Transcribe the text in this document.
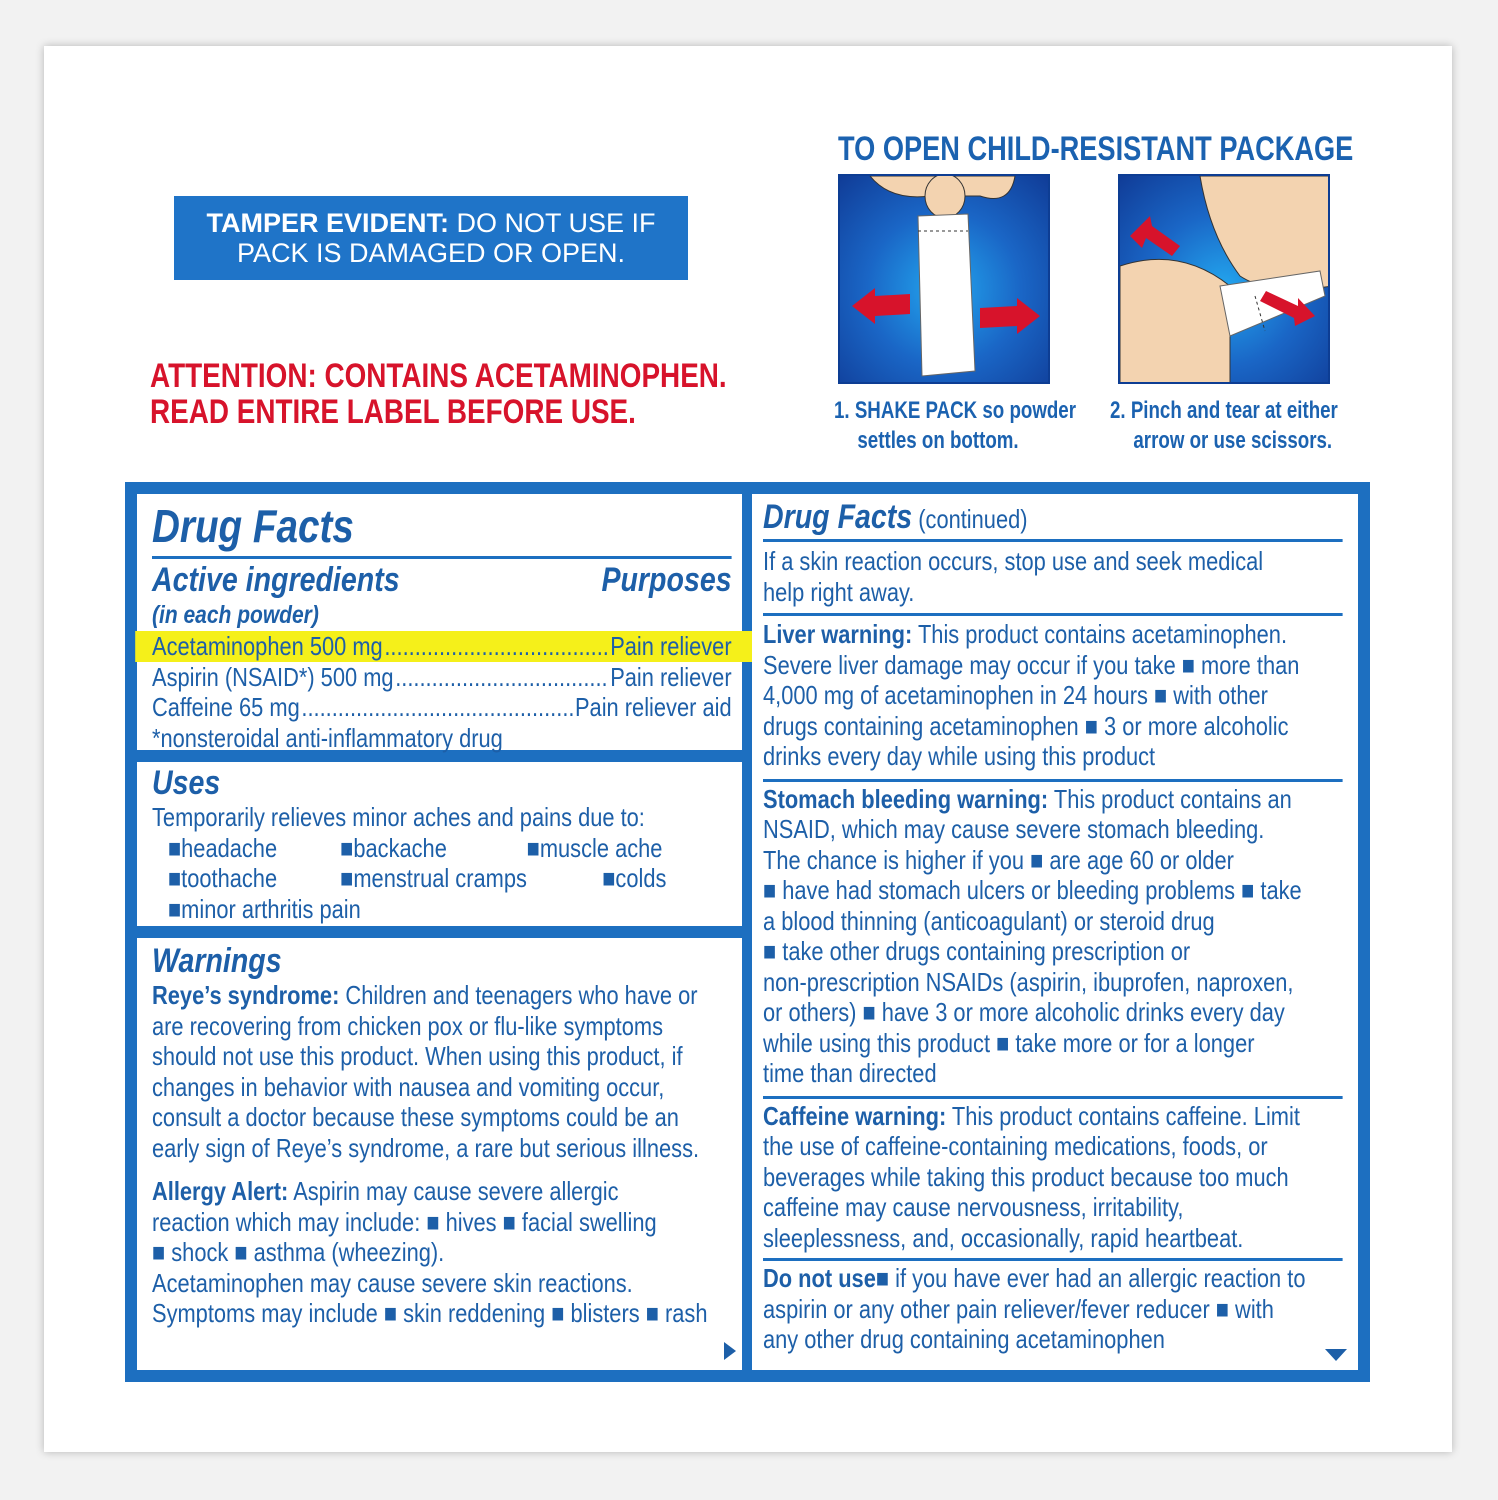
TAMPER EVIDENT: DO NOT USE IF
PACK IS DAMAGED OR OPEN.
ATTENTION: CONTAINS ACETAMINOPHEN.
READ ENTIRE LABEL BEFORE USE.
TO OPEN CHILD-RESISTANT PACKAGE
1. SHAKE PACK so powder
settles on bottom.
2. Pinch and tear at either
arrow or use scissors.
Drug Facts
Active ingredients	Purposes
(in each powder)
Acetaminophen 500 mg .....	Pain reliever
Aspirin (NSAID*) 500 mg .....	Pain reliever
Caffeine 65 mg .....	Pain reliever aid
*nonsteroidal anti-inflammatory drug
Uses
Temporarily relieves minor aches and pains due to:
■headache ■backache	■muscle ache
■toothache ■menstrual cramps	■colds
■minor arthritis pain
Warnings
Reye’s syndrome: Children and teenagers who have or
are recovering from chicken pox or flu-like symptoms
should not use this product. When using this product, if
changes in behavior with nausea and vomiting occur,
consult a doctor because these symptoms could be an
early sign of Reye’s syndrome, a rare but serious illness.
Allergy Alert: Aspirin may cause severe allergic
reaction which may include: ■ hives ■ facial swelling
■ shock ■ asthma (wheezing).
Acetaminophen may cause severe skin reactions.
Symptoms may include ■ skin reddening ■ blisters ■ rash
Drug Facts (continued)
If a skin reaction occurs, stop use and seek medical
help right away.
Liver warning: This product contains acetaminophen.
Severe liver damage may occur if you take ■ more than
4,000 mg of acetaminophen in 24 hours ■ with other
drugs containing acetaminophen ■ 3 or more alcoholic
drinks every day while using this product
Stomach bleeding warning: This product contains an
NSAID, which may cause severe stomach bleeding.
The chance is higher if you ■ are age 60 or older
■ have had stomach ulcers or bleeding problems ■ take
a blood thinning (anticoagulant) or steroid drug
■ take other drugs containing prescription or
non-prescription NSAIDs (aspirin, ibuprofen, naproxen,
or others) ■ have 3 or more alcoholic drinks every day
while using this product ■ take more or for a longer
time than directed
Caffeine warning: This product contains caffeine. Limit
the use of caffeine-containing medications, foods, or
beverages while taking this product because too much
caffeine may cause nervousness, irritability,
sleeplessness, and, occasionally, rapid heartbeat.
Do not use■ if you have ever had an allergic reaction to
aspirin or any other pain reliever/fever reducer ■ with
any other drug containing acetaminophen
